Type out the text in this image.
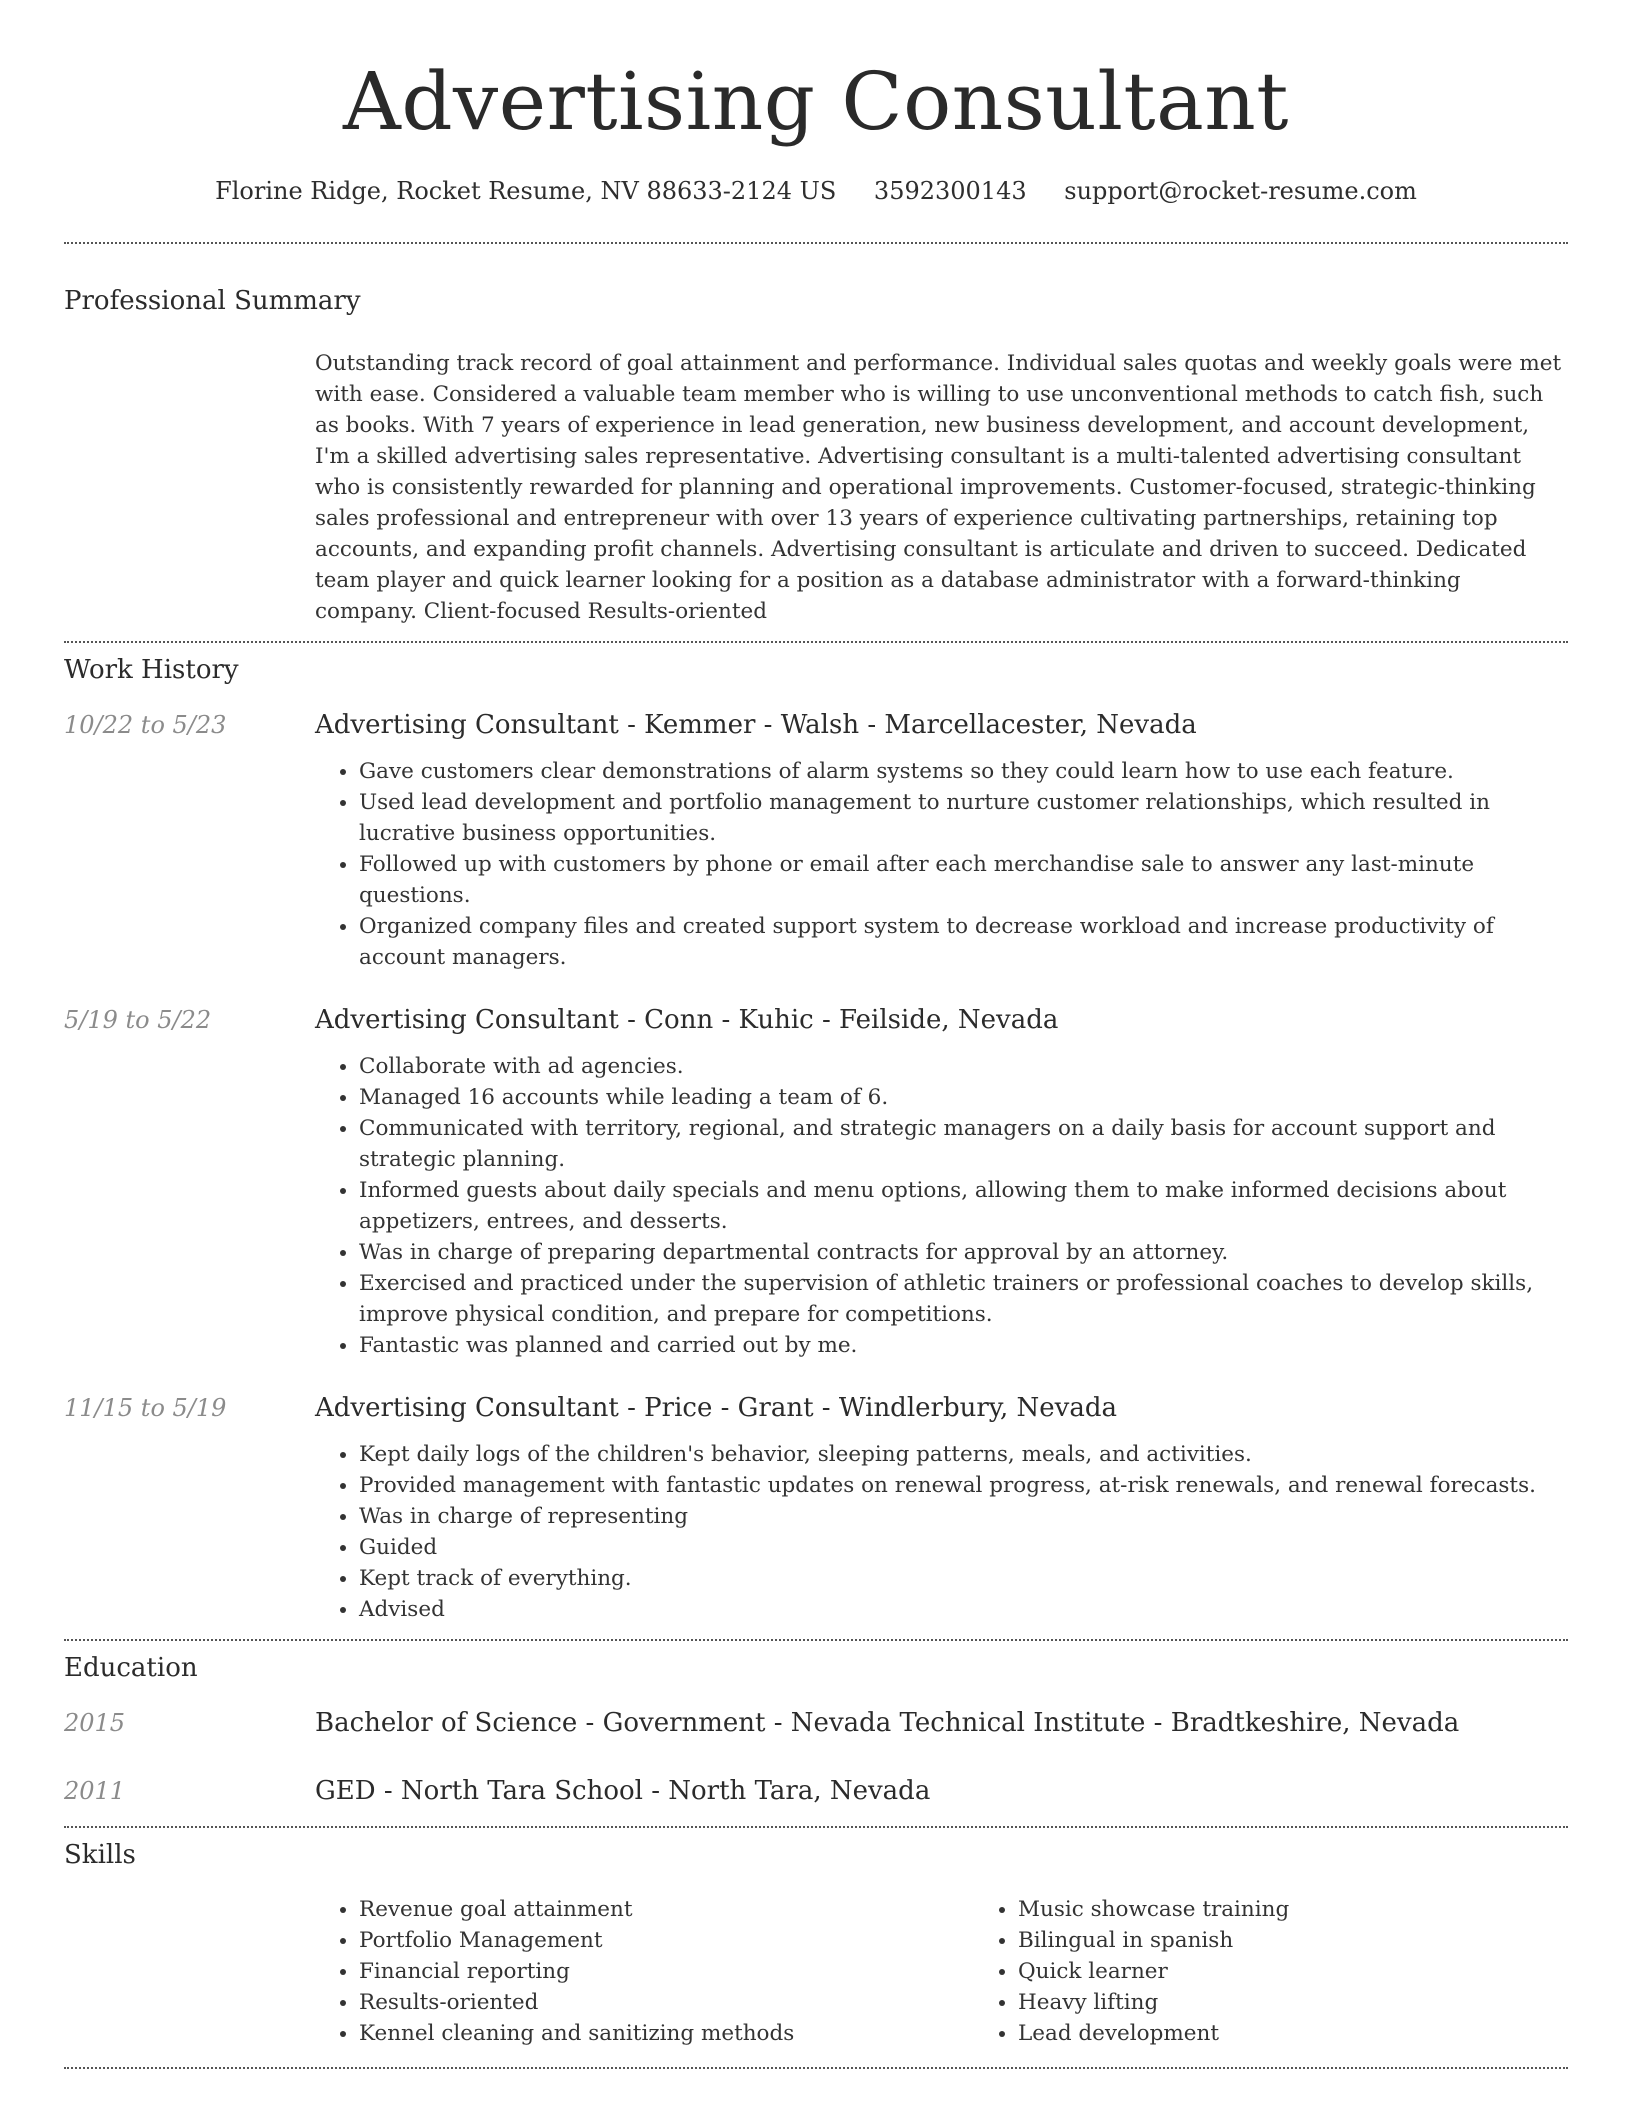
Advertising Consultant
Florine Ridge, Rocket Resume, NV 88633-2124 US 3592300143 support@rocket-resume.com
Professional Summary
Outstanding track record of goal attainment and performance. Individual sales quotas and weekly goals were met with ease. Considered a valuable team member who is willing to use unconventional methods to catch fish, such as books. With 7 years of experience in lead generation, new business development, and account development, I'm a skilled advertising sales representative. Advertising consultant is a multi-talented advertising consultant who is consistently rewarded for planning and operational improvements. Customer-focused, strategic-thinking sales professional and entrepreneur with over 13 years of experience cultivating partnerships, retaining top accounts, and expanding profit channels. Advertising consultant is articulate and driven to succeed. Dedicated team player and quick learner looking for a position as a database administrator with a forward-thinking company. Client-focused Results-oriented
Work History
10/22 to 5/23	Advertising Consultant - Kemmer - Walsh - Marcellacester, Nevada
• Gave customers clear demonstrations of alarm systems so they could learn how to use each feature.
• Used lead development and portfolio management to nurture customer relationships, which resulted in lucrative business opportunities.
• Followed up with customers by phone or email after each merchandise sale to answer any last-minute questions.
• Organized company files and created support system to decrease workload and increase productivity of account managers.
5/19 to 5/22	Advertising Consultant - Conn - Kuhic - Feilside, Nevada
• Collaborate with ad agencies.
• Managed 16 accounts while leading a team of 6.
• Communicated with territory, regional, and strategic managers on a daily basis for account support and strategic planning.
• Informed guests about daily specials and menu options, allowing them to make informed decisions about appetizers, entrees, and desserts.
• Was in charge of preparing departmental contracts for approval by an attorney.
• Exercised and practiced under the supervision of athletic trainers or professional coaches to develop skills, improve physical condition, and prepare for competitions.
• Fantastic was planned and carried out by me.
11/15 to 5/19	Advertising Consultant - Price - Grant - Windlerbury, Nevada
• Kept daily logs of the children's behavior, sleeping patterns, meals, and activities.
• Provided management with fantastic updates on renewal progress, at-risk renewals, and renewal forecasts.
• Was in charge of representing
• Guided
• Kept track of everything.
• Advised
Education
2015	Bachelor of Science - Government - Nevada Technical Institute - Bradtkeshire, Nevada
2011	GED - North Tara School - North Tara, Nevada
Skills
• Revenue goal attainment
• Portfolio Management
• Financial reporting
• Results-oriented
• Kennel cleaning and sanitizing methods
• Music showcase training
• Bilingual in spanish
• Quick learner
• Heavy lifting
• Lead development
